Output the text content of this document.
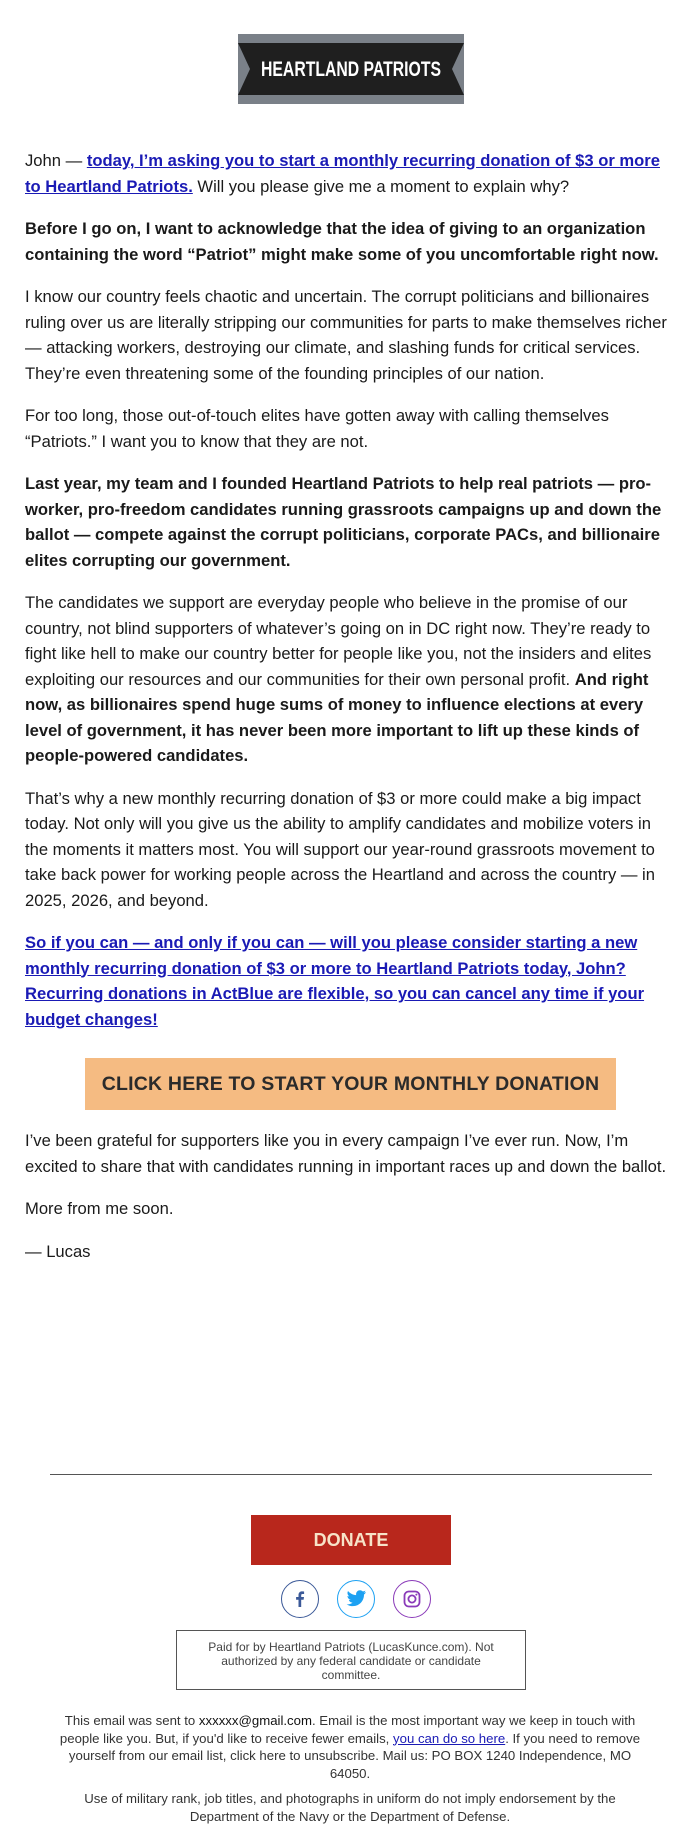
HEARTLAND PATRIOTS

John — today, I’m asking you to start a monthly recurring donation of $3 or more to Heartland Patriots. Will you please give me a moment to explain why?

Before I go on, I want to acknowledge that the idea of giving to an organization containing the word “Patriot” might make some of you uncomfortable right now.

I know our country feels chaotic and uncertain. The corrupt politicians and billionaires ruling over us are literally stripping our communities for parts to make themselves richer — attacking workers, destroying our climate, and slashing funds for critical services. They’re even threatening some of the founding principles of our nation.

For too long, those out-of-touch elites have gotten away with calling themselves “Patriots.” I want you to know that they are not.

Last year, my team and I founded Heartland Patriots to help real patriots — pro-worker, pro-freedom candidates running grassroots campaigns up and down the ballot — compete against the corrupt politicians, corporate PACs, and billionaire elites corrupting our government.

The candidates we support are everyday people who believe in the promise of our country, not blind supporters of whatever’s going on in DC right now. They’re ready to fight like hell to make our country better for people like you, not the insiders and elites exploiting our resources and our communities for their own personal profit. And right now, as billionaires spend huge sums of money to influence elections at every level of government, it has never been more important to lift up these kinds of people-powered candidates.

That’s why a new monthly recurring donation of $3 or more could make a big impact today. Not only will you give us the ability to amplify candidates and mobilize voters in the moments it matters most. You will support our year-round grassroots movement to take back power for working people across the Heartland and across the country — in 2025, 2026, and beyond.

So if you can — and only if you can — will you please consider starting a new monthly recurring donation of $3 or more to Heartland Patriots today, John? Recurring donations in ActBlue are flexible, so you can cancel any time if your budget changes!

CLICK HERE TO START YOUR MONTHLY DONATION

I’ve been grateful for supporters like you in every campaign I’ve ever run. Now, I’m excited to share that with candidates running in important races up and down the ballot.

More from me soon.

— Lucas

DONATE
Paid for by Heartland Patriots (LucasKunce.com). Not authorized by any federal candidate or candidate committee.
This email was sent to xxxxxx@gmail.com. Email is the most important way we keep in touch with people like you. But, if you'd like to receive fewer emails, you can do so here. If you need to remove yourself from our email list, click here to unsubscribe. Mail us: PO BOX 1240 Independence, MO 64050.
Use of military rank, job titles, and photographs in uniform do not imply endorsement by the Department of the Navy or the Department of Defense.
